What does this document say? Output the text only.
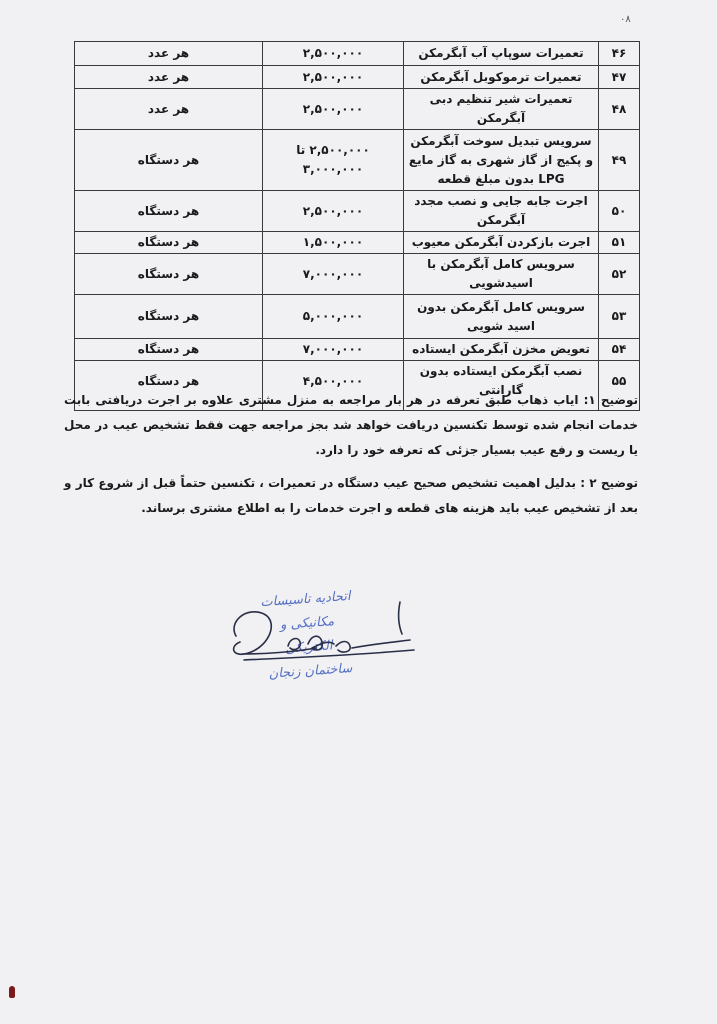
۰۸
۴۶	تعمیرات سوپاپ آب آبگرمکن	۲,۵۰۰,۰۰۰	هر عدد
۴۷	تعمیرات ترموکوبل آبگرمکن	۲,۵۰۰,۰۰۰	هر عدد
۴۸	تعمیرات شیر تنظیم دبی آبگرمکن	۲,۵۰۰,۰۰۰	هر عدد
۴۹	سرویس تبدیل سوخت آبگرمکن و پکیج از گاز شهری به گاز مایع LPG بدون مبلغ قطعه	۲,۵۰۰,۰۰۰ تا ۳,۰۰۰,۰۰۰	هر دستگاه
۵۰	اجرت جابه جایی و نصب مجدد آبگرمکن	۲,۵۰۰,۰۰۰	هر دستگاه
۵۱	اجرت بازکردن آبگرمکن معیوب	۱,۵۰۰,۰۰۰	هر دستگاه
۵۲	سرویس کامل آبگرمکن با اسیدشویی	۷,۰۰۰,۰۰۰	هر دستگاه
۵۳	سرویس کامل آبگرمکن بدون اسید شویی	۵,۰۰۰,۰۰۰	هر دستگاه
۵۴	تعویض مخزن آبگرمکن ایستاده	۷,۰۰۰,۰۰۰	هر دستگاه
۵۵	نصب آبگرمکن ایستاده بدون گارانتی	۴,۵۰۰,۰۰۰	هر دستگاه

توضیح ۱: ایاب ذهاب طبق تعرفه در هر بار مراجعه به منزل مشتری علاوه بر اجرت دریافتی بابت خدمات انجام شده توسط تکنسین دریافت خواهد شد بجز مراجعه جهت فقط تشخیص عیب در محل یا ریست و رفع عیب بسیار جزئی که تعرفه خود را دارد.

توضیح ۲ : بدلیل اهمیت تشخیص صحیح عیب دستگاه در تعمیرات ، تکنسین حتماً قبل از شروع کار و بعد از تشخیص عیب باید هزینه های قطعه و اجرت خدمات را به اطلاع مشتری برساند.

اتحادیه تاسیسات
مکانیکی و الکتریکی
ساختمان زنجان
